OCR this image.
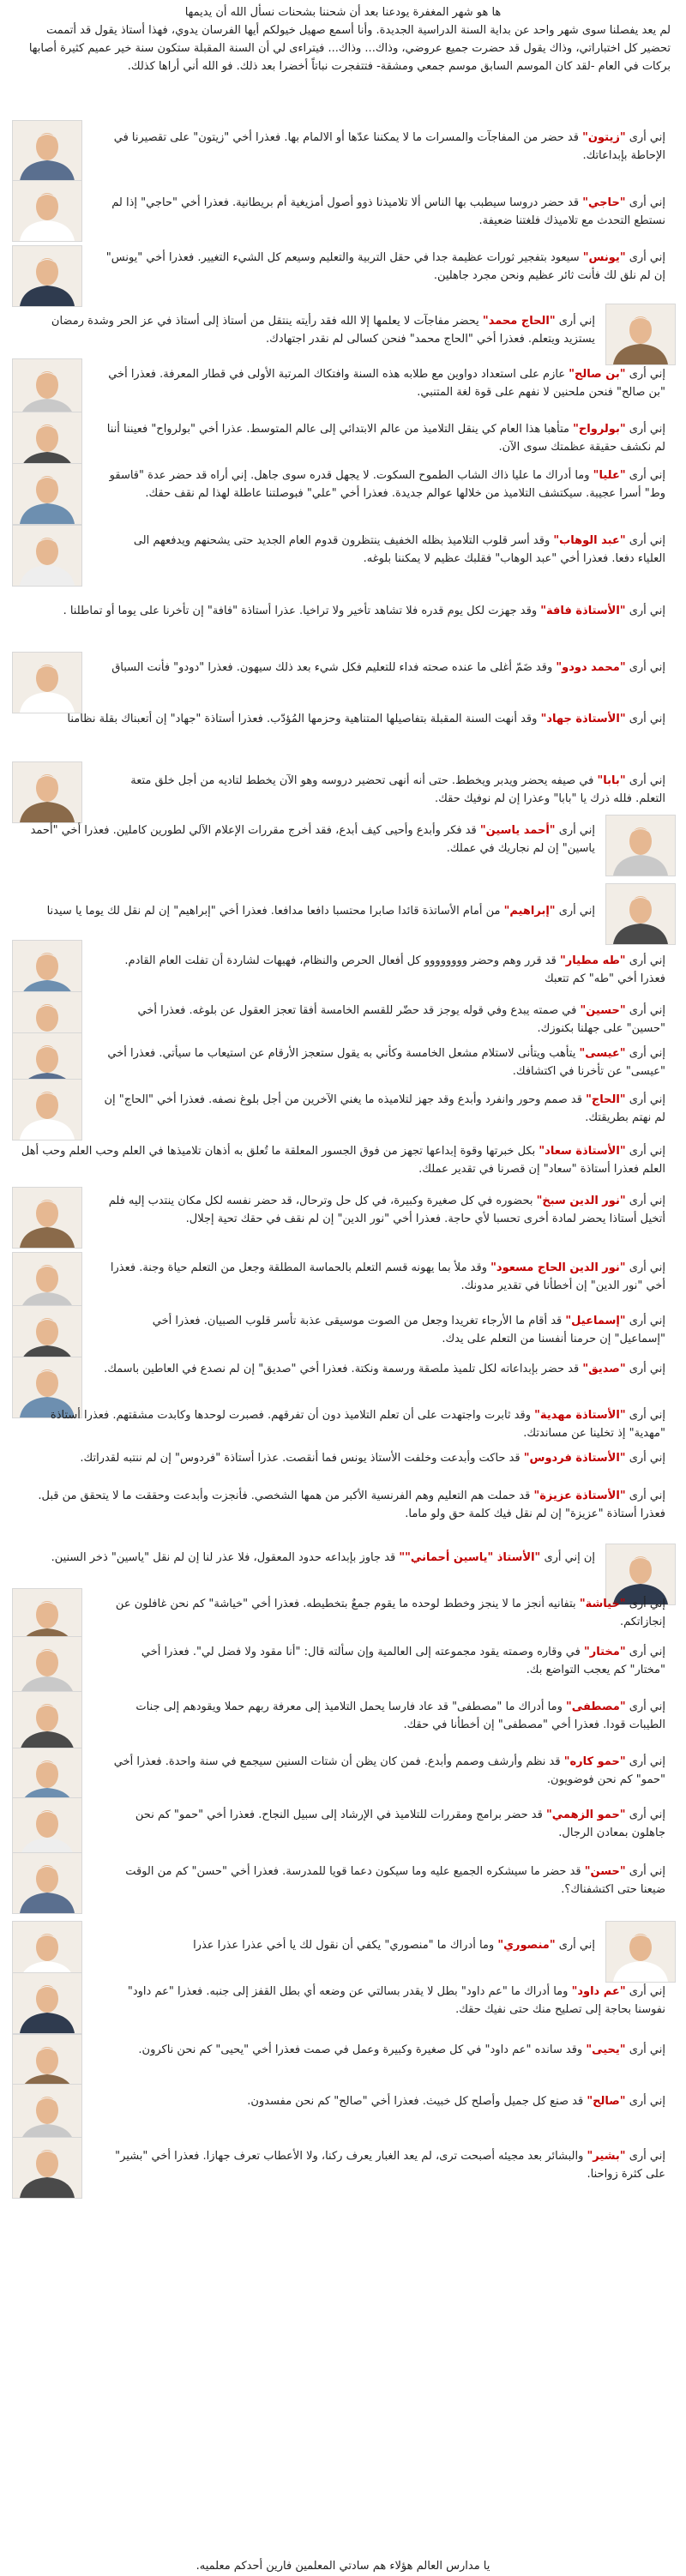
ها هو شهر المغفرة يودعنا بعد أن شحننا بشحنات نسأل الله أن يديمها

لم يعد يفصلنا سوى شهر واحد عن بداية السنة الدراسية الجديدة. وأنا أسمع صهيل خيولكم أيها الفرسان يدوي، فهذا أستاذ يقول قد أتممت تحضير كل اختباراتي، وذاك يقول قد حضرت جميع عروضي، وذاك... وذاك... فيتراءى لي أن السنة المقبلة ستكون سنة خير عميم كثيرة أصابها بركات في العام -لقد كان الموسم السابق موسم جمعي ومشقة- فتتفجرت نباتاً أخضرا بعد ذلك. فو الله أني أراها كذلك.

إني أرى "زيتون" قد حضر من المفاجآت والمسرات ما لا يمكننا عدّها أو الالمام بها. فعذرا أخي "زيتون" على تقصيرنا في الإحاطة بإبداعاتك.

إني أرى "حاجي" قد حضر دروسا سيطبب بها الناس ألا تلاميذنا ذوو أصول أمزيغية أم بريطانية. فعذرا أخي "حاجي" إذا لم نستطع التحدث مع تلاميذك فلغتنا ضعيفة.

إني أرى "يونس" سيعود بتفجير ثورات عظيمة جدا في حقل التربية والتعليم وسيعم كل الشيء التغيير. فعذرا أخي "يونس" إن لم نلق لك فأنت ثائر عظيم ونحن مجرد جاهلين.

إني أرى "الحاج محمد" يحضر مفاجآت لا يعلمها إلا الله فقد رأيته ينتقل من أستاذ إلى أستاذ في عز الحر وشدة رمضان يستزيد ويتعلم. فعذرا أخي "الحاج محمد" فنحن كسالى لم نقدر اجتهادك.

إني أرى "بن صالح" عازم على استعداد دواوين مع طلابه هذه السنة وافتكاك المرتبة الأولى في قطار المعرفة. فعذرا أخي "بن صالح" فنحن ملحنين لا نفهم على قوة لغة المتنبي.

إني أرى "بولرواح" متأهبا هذا العام كي ينقل التلاميذ من عالم الابتدائي إلى عالم المتوسط. عذرا أخي "بولرواح" فعيننا أننا لم نكشف حقيقة عظمتك سوى الآن.

إني أرى "عليا" وما أدراك ما عليا ذاك الشاب الطموح السكوت. لا يجهل قدره سوى جاهل. إني أراه قد حضر عدة "قاسقو وط" أسرا عجيبة. سيكتشف التلاميذ من خلالها عوالم جديدة. فعذرا أخي "علي" فبوصلتنا عاطلة لهذا لم نقف حقك.

إني أرى "عبد الوهاب" وقد أسر قلوب التلاميذ بظله الخفيف ينتظرون قدوم العام الجديد حتى يشحنهم ويدفعهم الى العلياء دفعا. فعذرا أخي "عبد الوهاب" فقلبك عظيم لا يمكننا بلوغه.

إني أرى "الأستاذة فافة" وقد جهزت لكل يوم قدره فلا تشاهد تأخير ولا تراخيا. عذرا أستاذة "فافة" إن تأخرنا على يوما أو تماطلنا .

إني أرى "محمد دودو" وقد ضَمّ أغلى ما عنده صحته فداء للتعليم فكل شيء بعد ذلك سيهون. فعذرا "دودو" فأنت السباق

إني أرى "الأستاذة جهاد" وقد أنهت السنة المقبلة بتفاصيلها المتناهية وحزمها المُؤدّب. فعذرا أستاذة "جهاد" إن أتعبناك بقلة نظامنا

إني أرى "بابا" في صيفه يحضر ويدبر ويخطط. حتى أنه أنهى تحضير دروسه وهو الآن يخطط لتاديه من أجل خلق متعة التعلم. فلله ذرك يا "بابا" وعذرا إن لم نوفيك حقك.

إني أرى "أحمد ياسين" قد فكر وأبدع وأحيى كيف أبدع، فقد أخرج مقررات الإعلام الآلي لطورين كاملين. فعذرا أخي "أحمد ياسين" إن لم نجاريك في عملك.

إني أرى "إبراهيم" من أمام الأساتذة قائدا صابرا محتسبا دافعا مدافعا. فعذرا أخي "إبراهيم" إن لم نقل لك يوما يا سيدنا

إني أرى "طه مطيار" قد قرر وهم وحضر وووووووو كل أفعال الحرص والنظام، فهيهات لشاردة أن تفلت العام القادم. فعذرا أخي "طه" كم تتعبك

إني أرى "حسين" في صمته يبدع وفي قوله يوجز قد حضّر للقسم الخامسة أفقا تعجز العقول عن بلوغه. فعذرا أخي "حسين" على جهلنا بكنوزك.

إني أرى "عيسى" يتأهب ويتأنى لاستلام مشعل الخامسة وكأني به يقول ستعجز الأرقام عن استيعاب ما سيأتي. فعذرا أخي "عيسى" عن تأخرنا في اكتشافك.

إني أرى "الحاج" قد صمم وحور وانفرد وأبدع وقد جهز لتلاميذه ما يغني الآخرين من أجل بلوغ نصفه. فعذرا أخي "الحاج" إن لم نهتم بطريقتك.

إني أرى "الأستاذة سعاد" بكل خبرتها وقوة إبداعها تجهز من فوق الجسور المعلقة ما تُعلق به أذهان تلاميذها في العلم وحب العلم وحب أهل العلم فعذرا أستاذة "سعاد" إن قصرنا في تقدير عملك.

إني أرى "نور الدين سبخ" بحضوره في كل صغيرة وكبيرة، في كل حل وترحال، قد حضر نفسه لكل مكان ينتدب إليه فلم أتخيل أستاذا يحضر لمادة أخرى تحسبا لأي حاجة. فعذرا أخي "نور الدين" إن لم نقف في حقك تحية إجلال.

إني أرى "نور الدين الحاج مسعود" وقد ملأ بما يهونه قسم التعلم بالحماسة المطلقة وجعل من التعلم حياة وجنة. فعذرا أخي "نور الدين" إن أخطأنا في تقدير مدونك.

إني أرى "إسماعيل" قد أقام ما الأرجاء تغريدا وجعل من الصوت موسيقى عذبة تأسر قلوب الصبيان. فعذرا أخي "إسماعيل" إن حرمنا أنفسنا من التعلم على يدك.

إني أرى "صديق" قد حضر بإبداعاته لكل تلميذ ملصقة ورسمة ونكتة. فعذرا أخي "صديق" إن لم نصدع في العاطين باسمك.

إني أرى "الأستاذة مهدية" وقد ثابرت واجتهدت على أن تعلم التلاميذ دون أن تفرقهم. فصبرت لوحدها وكابدت مشقتهم. فعذرا أستاذة "مهدية" إذ تخلينا عن مساندتك.

إني أرى "الأستاذة فردوس" قد حاكت وأبدعت وخلفت الأستاذ يونس فما أنقصت. عذرا أستاذة "فردوس" إن لم ننتبه لقدراتك.

إني أرى "الأستاذة عزيزة" قد حملت هم التعليم وهم الفرنسية الأكبر من همها الشخصي. فأنجزت وأبدعت وحققت ما لا يتحقق من قبل. فعذرا أستاذة "عزيزة" إن لم نقل فيك كلمة حق ولو ماما.

إن إني أرى "الأستاذ "ياسين أحماني"" قد جاوز بإبداعه حدود المعقول، فلا عذر لنا إن لم نقل "ياسين" ذخر السنين.

إني أرى "خياشة" بتفانيه أنجز ما لا ينجز وخطط لوحده ما يقوم جمعٌ بتخطيطه. فعذرا أخي "خياشة" كم نحن غافلون عن إنجازاتكم.

إني أرى "مختار" في وقاره وصمته يقود مجموعته إلى العالمية وإن سألته قال: "أنا مقود ولا فضل لي". فعذرا أخي "مختار" كم يعجب التواضع بك.

إني أرى "مصطفى" وما أدراك ما "مصطفى" قد عاد فارسا يحمل التلاميذ إلى معرفة ربهم حملا ويقودهم إلى جنات الطيبات قودا. فعذرا أخي "مصطفى" إن أخطأنا في حقك.

إني أرى "حمو كاره" قد نظم وأرشف وصمم وأبدع. فمن كان يظن أن شتات السنين سيجمع في سنة واحدة. فعذرا أخي "حمو" كم نحن فوضويون.

إني أرى "حمو الزهمي" قد حضر برامج ومقررات للتلاميذ في الإرشاد إلى سبيل النجاح. فعذرا أخي "حمو" كم نحن جاهلون بمعادن الرجال.

إني أرى "حسن" قد حضر ما سيشكره الجميع عليه وما سيكون دعما قويا للمدرسة. فعذرا أخي "حسن" كم من الوقت ضيعنا حتى اكتشفناك؟.

إني أرى "منصوري" وما أدراك ما "منصوري" يكفي أن نقول لك يا أخي عذرا عذرا عذرا

إني أرى "عم داود" وما أدراك ما "عم داود" بطل لا يقدر بسالتي عن وضعه أي بطل القفز إلى جنبه. فعذرا "عم داود" نفوسنا بحاجة إلى تصليح منك حتى نفيك حقك.

إني أرى "يحيى" وقد سانده "عم داود" في كل صغيرة وكبيرة وعمل في صمت فعذرا أخي "يحيى" كم نحن ناكرون.

إني أرى "صالح" قد صنع كل جميل وأصلح كل خبيث. فعذرا أخي "صالح" كم نحن مفسدون.

إني أرى "بشير" والبشائر بعد مجيئه أصبحت ترى، لم يعد الغبار يعرف ركنا، ولا الأعطاب تعرف جهازا. فعذرا أخي "بشير" على كثرة زواحنا.

يا مدارس العالم هؤلاء هم سادتي المعلمين فارين أحدكم معلميه.
